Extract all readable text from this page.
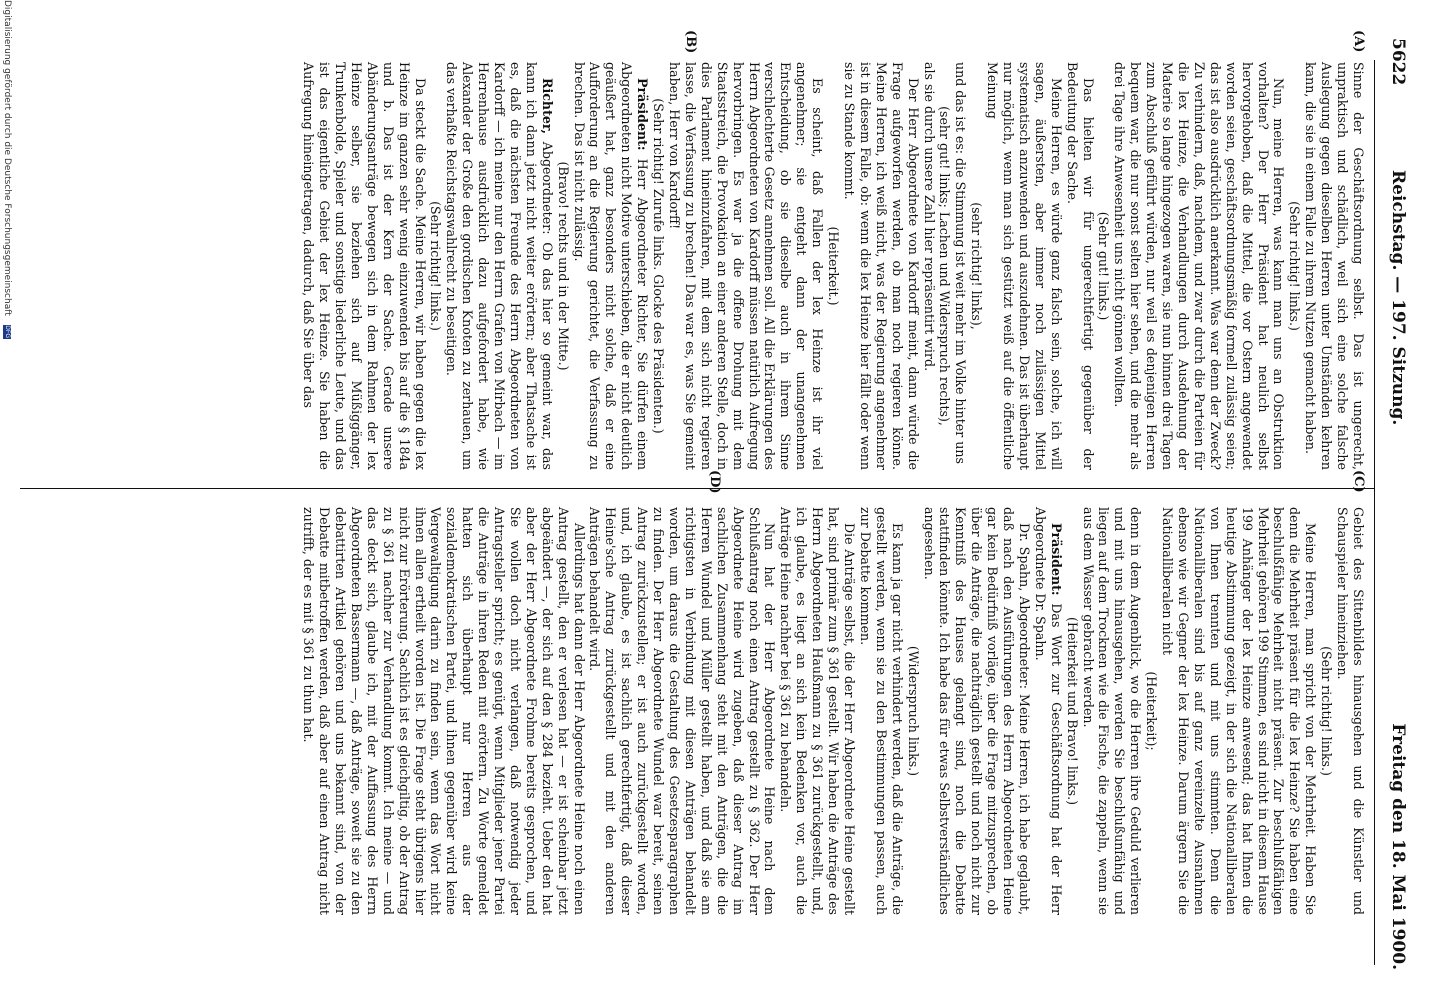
5622
Reichstag. — 197. Sitzung.
Freitag den 18. Mai 1900.
(A)
(B)
(C)
(D)

Sinne der Geschäftsordnung selbst. Das ist ungerecht, unpraktisch und schädlich, weil sich eine solche falsche Auslegung gegen dieselben Herren unter Umständen kehren kann, die sie in einem Falle zu ihrem Nutzen gemacht haben.

(Sehr richtig! links.)

Nun, meine Herren, was kann man uns an Obstruktion vorhalten? Der Herr Präsident hat neulich selbst hervorgehoben, daß die Mittel, die vor Ostern angewendet worden seien, geschäftsordnungsmäßig formell zulässig seien; das ist also ausdrücklich anerkannt. Was war denn der Zweck? Zu verhindern, daß, nachdem, und zwar durch die Parteien für die lex Heinze, die Verhandlungen durch Ausdehnung der Materie so lange hingezogen waren, sie nun binnen drei Tagen zum Abschluß geführt würden, nur weil es denjenigen Herren bequem war, die nur sonst selten hier sehen, und die mehr als drei Tage ihre Anwesenheit uns nicht gönnen wollten.

(Sehr gut! links.)

Das hielten wir für ungerechtfertigt gegenüber der Bedeutung der Sache.

Meine Herren, es würde ganz falsch sein, solche, ich will sagen, äußersten, aber immer noch zulässigen Mittel systematisch anzuwenden und auszudehnen. Das ist überhaupt nur möglich, wenn man sich gestützt weiß auf die öffentliche Meinung

(sehr richtig! links),

und das ist es: die Stimmung ist weit mehr im Volke hinter uns

(sehr gut! links; Lachen und Widerspruch rechts),

als sie durch unsere Zahl hier repräsentirt wird.

Der Herr Abgeordnete von Kardorff meint, dann würde die Frage aufgeworfen werden, ob man noch regieren könne. Meine Herren, ich weiß nicht, was der Regierung angenehmer ist in diesem Falle, ob: wenn die lex Heinze hier fällt oder wenn sie zu Stande kommt.

(Heiterkeit.)

Es scheint, daß Fallen der lex Heinze ist ihr viel angenehmer; sie entgeht dann der unangenehmen Entscheidung, ob sie dieselbe auch in ihrem Sinne verschlechterte Gesetz annehmen soll. All die Erklärungen des Herrn Abgeordneten von Kardorff müssen natürlich Aufregung hervorbringen. Es war ja die offene Drohung mit dem Staatsstreich, die Provokation an einer anderen Stelle, doch in dies Parlament hineinzufahren, mit dem sich nicht regieren lasse, die Verfassung zu brechen! Das war es, was Sie gemeint haben, Herr von Kardorff!

(Sehr richtig! Zurufe links. Glocke des Präsidenten.)

Präsident: Herr Abgeordneter Richter, Sie dürfen einem Abgeordneten nicht Motive unterschieben, die er nicht deutlich geäußert hat, ganz besonders nicht solche, daß er eine Aufforderung an die Regierung gerichtet, die Verfassung zu brechen. Das ist nicht zulässig.

(Bravo! rechts und in der Mitte.)

Richter, Abgeordneter: Ob das hier so gemeint war, das kann ich dann jetzt nicht weiter erörtern; aber Thatsache ist es, daß die nächsten Freunde des Herrn Abgeordneten von Kardorff — ich meine nur den Herrn Grafen von Mirbach — im Herrenhause ausdrücklich dazu aufgefordert habe, wie Alexander der Große den gordischen Knoten zu zerhauen, um das verhaßte Reichstagswahlrecht zu beseitigen.

(Sehr richtig! links.)

Da steckt die Sache. Meine Herren, wir haben gegen die lex Heinze im ganzen sehr wenig einzuwenden bis auf die § 184a und b. Das ist der Kern der Sache. Gerade unsere Abänderungsanträge bewegen sich in dem Rahmen der lex Heinze selber, sie beziehen sich auf Müßiggänger, Trunkenbolde, Spieler und sonstige liederliche Leute, und das ist das eigentliche Gebiet der lex Heinze. Sie haben die Aufregung hineingetragen, dadurch, daß Sie über das

Gebiet des Sittenbildes hinausgehen und die Künstler und Schauspieler hineinziehen.

(Sehr richtig! links.)

Meine Herren, man spricht von der Mehrheit. Haben Sie denn die Mehrheit präsent für die lex Heinze? Sie haben eine beschlußfähige Mehrheit nicht präsent. Zur beschlußfähigen Mehrheit gehören 199 Stimmen, es sind nicht in diesem Hause 199 Anhänger der lex Heinze anwesend; das hat Ihnen die heutige Abstimmung gezeigt, in der sich die Nationalliberalen von Ihnen trennten und mit uns stimmten. Denn die Nationalliberalen sind bis auf ganz vereinzelte Ausnahmen ebenso wie wir Gegner der lex Heinze. Darum ärgern Sie die Nationalliberalen nicht

(Heiterkeit);

denn in dem Augenblick, wo die Herren ihre Geduld verlieren und mit uns hinausgehen, werden Sie beschlußunfähig und liegen auf dem Trocknen wie die Fische, die zappeln, wenn sie aus dem Wasser gebracht werden.

(Heiterkeit und Bravo! links.)

Präsident: Das Wort zur Geschäftsordnung hat der Herr Abgeordnete Dr. Spahn.

Dr. Spahn, Abgeordneter: Meine Herren, ich habe geglaubt, daß nach den Ausführungen des Herrn Abgeordneten Heine gar kein Bedürfniß vorläge, über die Frage mitzusprechen, ob über die Anträge, die nachträglich gestellt und noch nicht zur Kenntniß des Hauses gelangt sind, noch die Debatte stattfinden könnte. Ich habe das für etwas Selbstverständliches angesehen.

(Widerspruch links.)

Es kann ja gar nicht verhindert werden, daß die Anträge, die gestellt werden, wenn sie zu den Bestimmungen passen, auch zur Debatte kommen.

Die Anträge selbst, die der Herr Abgeordnete Heine gestellt hat, sind primär zum § 361 gestellt. Wir haben die Anträge des Herrn Abgeordneten Haußmann zu § 361 zurückgestellt, und, ich glaube, es liegt an sich kein Bedenken vor, auch die Anträge Heine nachher bei § 361 zu behandeln.

Nun hat der Herr Abgeordnete Heine nach dem Schlußantrag noch einen Antrag gestellt zu § 362. Der Herr Abgeordnete Heine wird zugeben, daß dieser Antrag im sachlichen Zusammenhang steht mit den Anträgen, die die Herren Wundel und Müller gestellt haben, und daß sie am richtigsten in Verbindung mit diesen Anträgen behandelt worden, um daraus die Gestaltung des Gesetzesparagraphen zu finden. Der Herr Abgeordnete Wundel war bereit, seinen Antrag zurückzustellen; er ist auch zurückgestellt worden, und, ich glaube, es ist sachlich gerechtfertigt, daß dieser Heine'sche Antrag zurückgestellt und mit den anderen Anträgen behandelt wird.

Allerdings hat dann der Herr Abgeordnete Heine noch einen Antrag gestellt, den er verlesen hat — er ist scheinbar jetzt abgeändert —, der sich auf den § 284 bezieht. Ueber den hat aber der Herr Abgeordnete Frohme bereits gesprochen, und Sie wollen doch nicht verlangen, daß notwendig jeder Antragsteller spricht; es genügt, wenn Mitglieder jener Partei die Anträge in ihren Reden mit erörtern. Zu Worte gemeldet hatten sich überhaupt nur Herren aus der sozialdemokratischen Partei, und ihnen gegenüber wird keine Vergewaltigung darin zu finden sein, wenn das Wort nicht ihnen allen ertheilt worden ist. Die Frage steht übrigens hier nicht zur Erörterung. Sachlich ist es gleichgiltig, ob der Antrag zu § 361 nachher zur Verhandlung kommt. Ich meine — und das deckt sich, glaube ich, mit der Auffassung des Herrn Abgeordneten Bassermann —, daß Anträge, soweit sie zu den debattirten Artikel gehören und uns bekannt sind, von der Debatte mitbetroffen werden, daß aber auf einen Antrag nicht zutrifft, der es mit § 361 zu thun hat.

Digitalisierung gefördert durch die Deutsche Forschungsgemeinschaft DFG
